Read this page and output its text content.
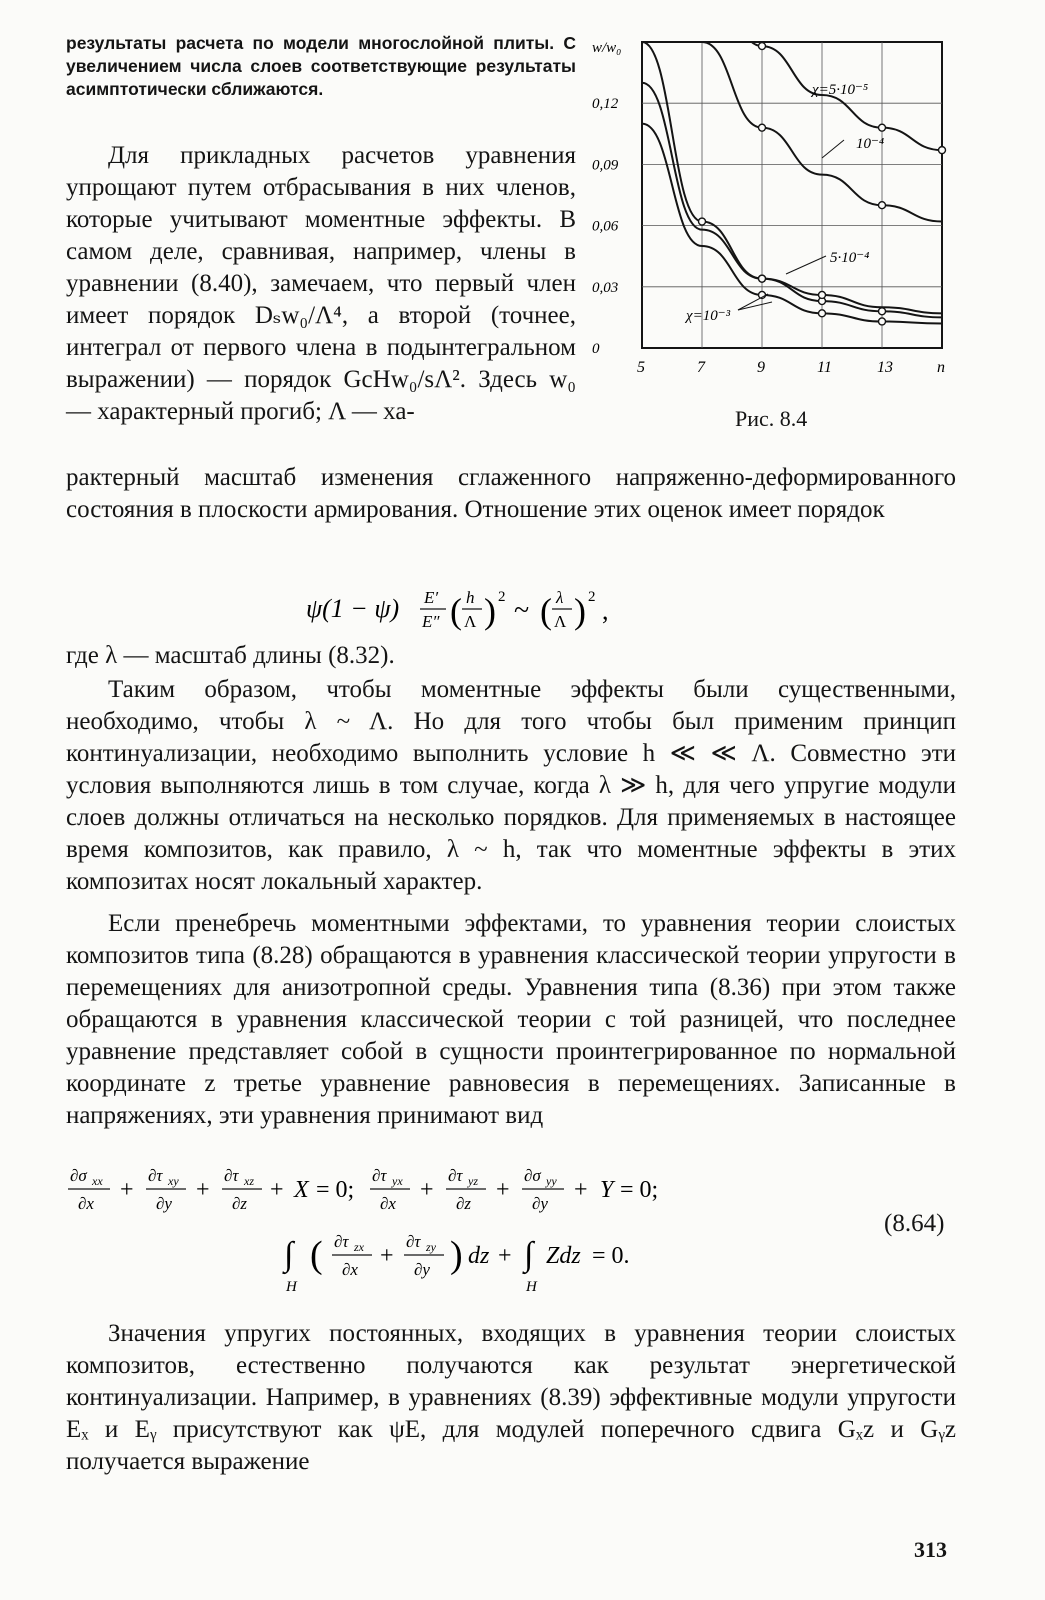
результаты расчета по модели многослойной плиты. С увеличением числа слоев соответствующие результаты асимптотически сближаются.

Для прикладных расчетов уравнения упрощают путем отбрасывания в них членов, которые учитывают моментные эффекты. В самом деле, сравнивая, например, члены в уравнении (8.40), замечаем, что первый член имеет порядок Dₛw₀/Λ⁴, а второй (точнее, интеграл от первого члена в подынтегральном выражении) — порядок GcHw₀/sΛ². Здесь w₀ — характерный прогиб; Λ — ха-

5	7	9	11	13	n
0
0,03
0,06
0,09
0,12
w/w₀
χ=5·10⁻⁵
10⁻⁴
5·10⁻⁴
χ=10⁻³
Рис. 8.4

рактерный масштаб изменения сглаженного напряженно-деформированного состояния в плоскости армирования. Отношение этих оценок имеет порядок

ψ(1 − ψ) E′
E″ ( h
Λ ) 2 ~ ( λ
Λ ) 2 ,

где λ — масштаб длины (8.32).

Таким образом, чтобы моментные эффекты были существенными, необходимо, чтобы λ ~ Λ. Но для того чтобы был применим принцип континуализации, необходимо выполнить условие h ≪ ≪ Λ. Совместно эти условия выполняются лишь в том случае, когда λ ≫ h, для чего упругие модули слоев должны отличаться на несколько порядков. Для применяемых в настоящее время композитов, как правило, λ ~ h, так что моментные эффекты в этих композитах носят локальный характер.

Если пренебречь моментными эффектами, то уравнения теории слоистых композитов типа (8.28) обращаются в уравнения классической теории упругости в перемещениях для анизотропной среды. Уравнения типа (8.36) при этом также обращаются в уравнения классической теории с той разницей, что последнее уравнение представляет собой в сущности проинтегрированное по нормальной координате z третье уравнение равновесия в перемещениях. Записанные в напряжениях, эти уравнения принимают вид

∂σ xx
∂x
+
∂τ xy
∂y
+
∂τ xz
∂z
+ X = 0;
∂τ yx
∂x
+
∂τ yz
∂z
+
∂σ yy
∂y
+ Y = 0;
∫
H
( ∂τ zx
∂x
+
∂τ zy
∂y ) dz + ∫
H
Zdz = 0.
(8.64)

Значения упругих постоянных, входящих в уравнения теории слоистых композитов, естественно получаются как результат энергетической континуализации. Например, в уравнениях (8.39) эффективные модули упругости Eₓ и Eᵧ присутствуют как ψE, для модулей поперечного сдвига Gₓz и Gᵧz получается выражение

313
